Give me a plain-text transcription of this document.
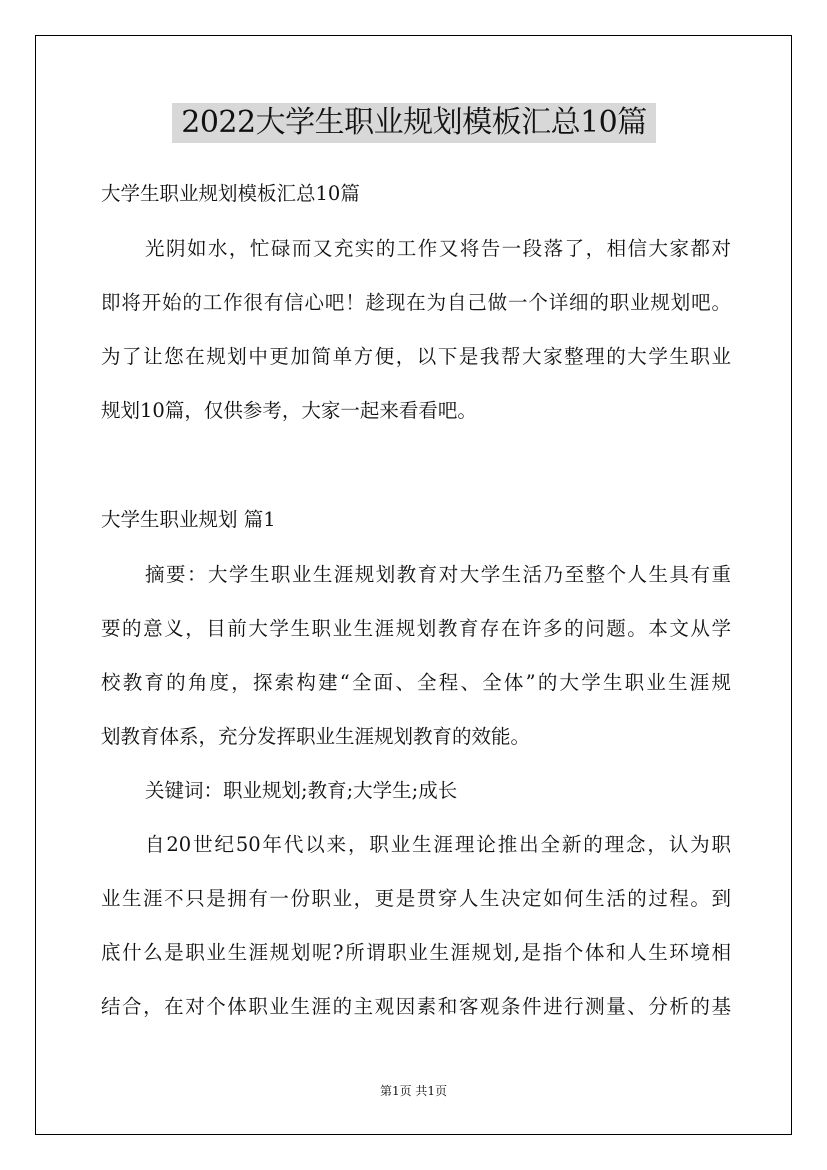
2022大学生职业规划模板汇总10篇
大学生职业规划模板汇总10篇
光阴如水，忙碌而又充实的工作又将告一段落了，相信大家都对
即将开始的工作很有信心吧！趁现在为自己做一个详细的职业规划吧。
为了让您在规划中更加简单方便，以下是我帮大家整理的大学生职业
规划10篇，仅供参考，大家一起来看看吧。
大学生职业规划 篇1
摘要：大学生职业生涯规划教育对大学生活乃至整个人生具有重
要的意义，目前大学生职业生涯规划教育存在许多的问题。本文从学
校教育的角度，探索构建“全面、全程、全体”的大学生职业生涯规
划教育体系，充分发挥职业生涯规划教育的效能。
关键词：职业规划;教育;大学生;成长
自20世纪50年代以来，职业生涯理论推出全新的理念，认为职
业生涯不只是拥有一份职业，更是贯穿人生决定如何生活的过程。到
底什么是职业生涯规划呢?所谓职业生涯规划,是指个体和人生环境相
结合，在对个体职业生涯的主观因素和客观条件进行测量、分析的基
第1页 共1页
